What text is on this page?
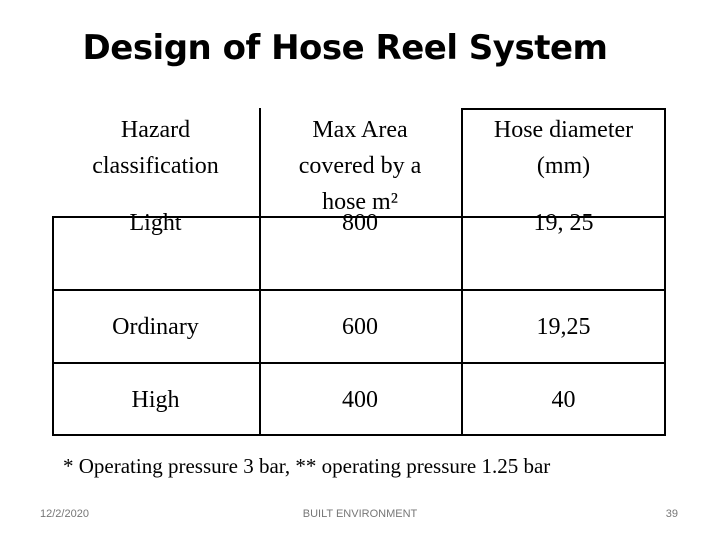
Design of Hose Reel System
Hazard classification	Max Area covered by a hose m²	Hose diameter (mm)

Light	800	19, 25

Ordinary	600	19,25
High	400	40
* Operating pressure 3 bar, ** operating pressure 1.25 bar
12/2/2020	BUILT ENVIRONMENT	39
